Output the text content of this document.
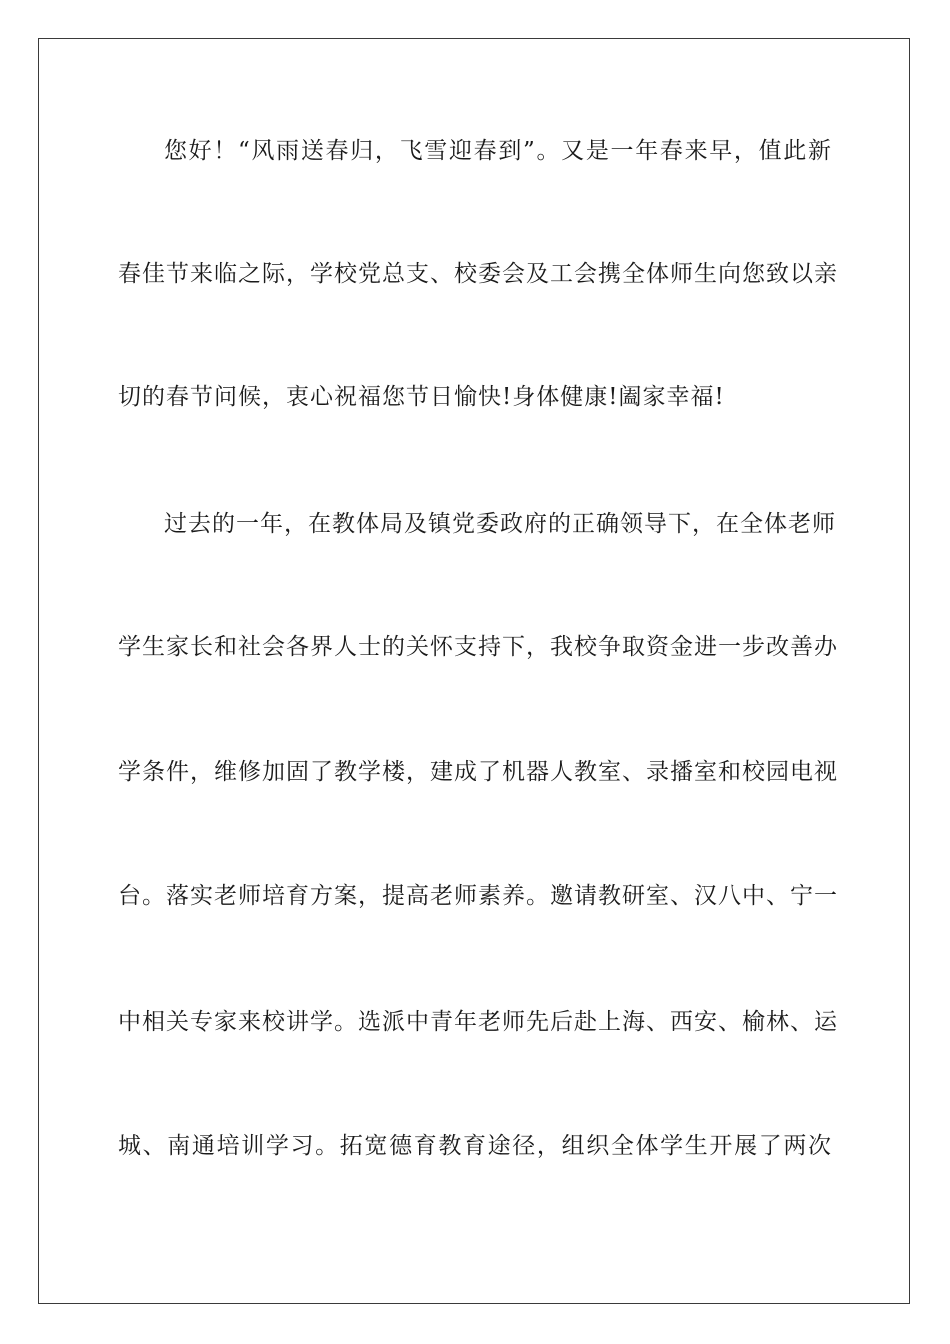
您好！“风雨送春归，飞雪迎春到”。又是一年春来早，值此新
春佳节来临之际，学校党总支、校委会及工会携全体师生向您致以亲
切的春节问候，衷心祝福您节日愉快!身体健康!阖家幸福!
过去的一年，在教体局及镇党委政府的正确领导下，在全体老师
学生家长和社会各界人士的关怀支持下，我校争取资金进一步改善办
学条件，维修加固了教学楼，建成了机器人教室、录播室和校园电视
台。落实老师培育方案，提高老师素养。邀请教研室、汉八中、宁一
中相关专家来校讲学。选派中青年老师先后赴上海、西安、榆林、运
城、南通培训学习。拓宽德育教育途径，组织全体学生开展了两次
